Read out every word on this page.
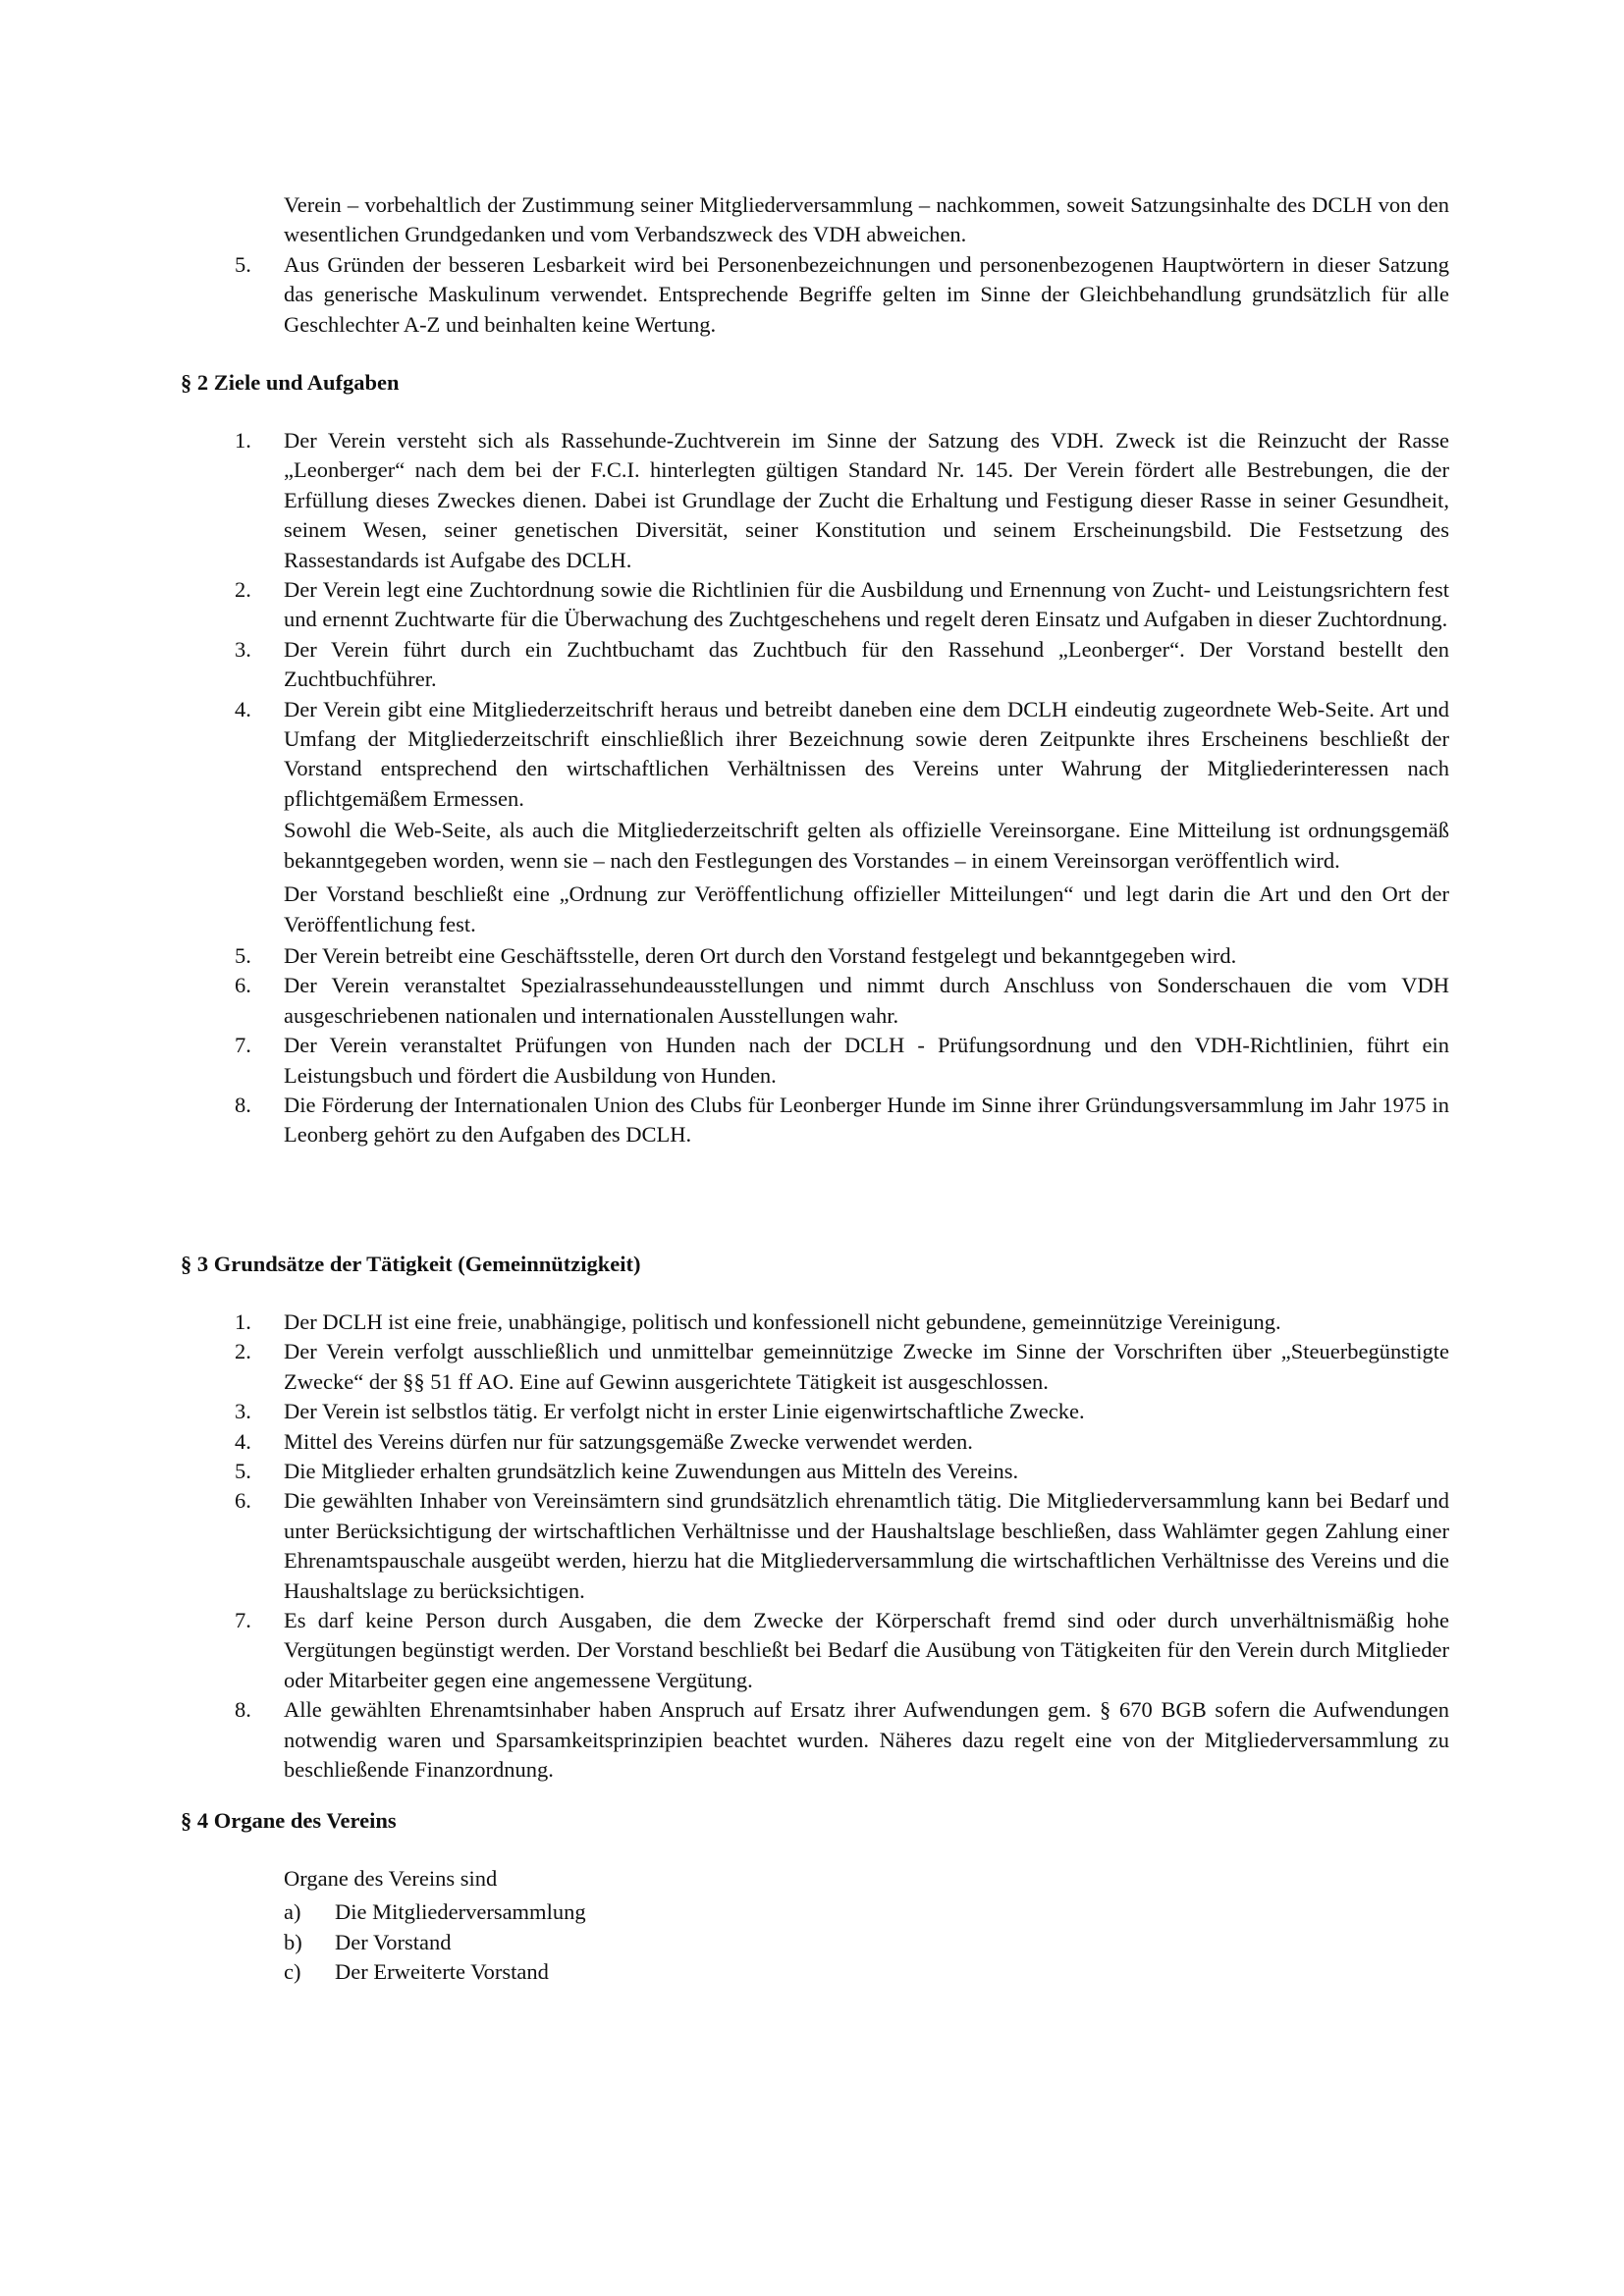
Verein – vorbehaltlich der Zustimmung seiner Mitgliederversammlung – nachkommen, soweit Satzungsinhalte des DCLH von den wesentlichen Grundgedanken und vom Verbandszweck des VDH abweichen.
5.	Aus Gründen der besseren Lesbarkeit wird bei Personenbezeichnungen und personenbezogenen Hauptwörtern in dieser Satzung das generische Maskulinum verwendet. Entsprechende Begriffe gelten im Sinne der Gleichbehandlung grundsätzlich für alle Geschlechter A-Z und beinhalten keine Wertung.
§ 2 Ziele und Aufgaben
1.	Der Verein versteht sich als Rassehunde-Zuchtverein im Sinne der Satzung des VDH. Zweck ist die Reinzucht der Rasse „Leonberger“ nach dem bei der F.C.I. hinterlegten gültigen Standard Nr. 145. Der Verein fördert alle Bestrebungen, die der Erfüllung dieses Zweckes dienen. Dabei ist Grundlage der Zucht die Erhaltung und Festigung dieser Rasse in seiner Gesundheit, seinem Wesen, seiner genetischen Diversität, seiner Konstitution und seinem Erscheinungsbild. Die Festsetzung des Rassestandards ist Aufgabe des DCLH.
2.	Der Verein legt eine Zuchtordnung sowie die Richtlinien für die Ausbildung und Ernennung von Zucht- und Leistungsrichtern fest und ernennt Zuchtwarte für die Überwachung des Zuchtgeschehens und regelt deren Einsatz und Aufgaben in dieser Zuchtordnung.
3.	Der Verein führt durch ein Zuchtbuchamt das Zuchtbuch für den Rassehund „Leonberger“. Der Vorstand bestellt den Zuchtbuchführer.
4.	Der Verein gibt eine Mitgliederzeitschrift heraus und betreibt daneben eine dem DCLH eindeutig zugeordnete Web-Seite. Art und Umfang der Mitgliederzeitschrift einschließlich ihrer Bezeichnung sowie deren Zeitpunkte ihres Erscheinens beschließt der Vorstand entsprechend den wirtschaftlichen Verhältnissen des Vereins unter Wahrung der Mitgliederinteressen nach pflichtgemäßem Ermessen.
Sowohl die Web-Seite, als auch die Mitgliederzeitschrift gelten als offizielle Vereinsorgane. Eine Mitteilung ist ordnungsgemäß bekanntgegeben worden, wenn sie – nach den Festlegungen des Vorstandes – in einem Vereinsorgan veröffentlich wird.
Der Vorstand beschließt eine „Ordnung zur Veröffentlichung offizieller Mitteilungen“ und legt darin die Art und den Ort der Veröffentlichung fest.
5.	Der Verein betreibt eine Geschäftsstelle, deren Ort durch den Vorstand festgelegt und bekanntgegeben wird.
6.	Der Verein veranstaltet Spezialrassehundeausstellungen und nimmt durch Anschluss von Sonderschauen die vom VDH ausgeschriebenen nationalen und internationalen Ausstellungen wahr.
7.	Der Verein veranstaltet Prüfungen von Hunden nach der DCLH - Prüfungsordnung und den VDH-Richtlinien, führt ein Leistungsbuch und fördert die Ausbildung von Hunden.
8.	Die Förderung der Internationalen Union des Clubs für Leonberger Hunde im Sinne ihrer Gründungsversammlung im Jahr 1975 in Leonberg gehört zu den Aufgaben des DCLH.
§ 3 Grundsätze der Tätigkeit (Gemeinnützigkeit)
1.	Der DCLH ist eine freie, unabhängige, politisch und konfessionell nicht gebundene, gemeinnützige Vereinigung.
2.	Der Verein verfolgt ausschließlich und unmittelbar gemeinnützige Zwecke im Sinne der Vorschriften über „Steuerbegünstigte Zwecke“ der §§ 51 ff AO. Eine auf Gewinn ausgerichtete Tätigkeit ist ausgeschlossen.
3.	Der Verein ist selbstlos tätig. Er verfolgt nicht in erster Linie eigenwirtschaftliche Zwecke.
4.	Mittel des Vereins dürfen nur für satzungsgemäße Zwecke verwendet werden.
5.	Die Mitglieder erhalten grundsätzlich keine Zuwendungen aus Mitteln des Vereins.
6.	Die gewählten Inhaber von Vereinsämtern sind grundsätzlich ehrenamtlich tätig. Die Mitgliederversammlung kann bei Bedarf und unter Berücksichtigung der wirtschaftlichen Verhältnisse und der Haushaltslage beschließen, dass Wahlämter gegen Zahlung einer Ehrenamtspauschale ausgeübt werden, hierzu hat die Mitgliederversammlung die wirtschaftlichen Verhältnisse des Vereins und die Haushaltslage zu berücksichtigen.
7.	Es darf keine Person durch Ausgaben, die dem Zwecke der Körperschaft fremd sind oder durch unverhältnismäßig hohe Vergütungen begünstigt werden. Der Vorstand beschließt bei Bedarf die Ausübung von Tätigkeiten für den Verein durch Mitglieder oder Mitarbeiter gegen eine angemessene Vergütung.
8.	Alle gewählten Ehrenamtsinhaber haben Anspruch auf Ersatz ihrer Aufwendungen gem. § 670 BGB sofern die Aufwendungen notwendig waren und Sparsamkeitsprinzipien beachtet wurden. Näheres dazu regelt eine von der Mitgliederversammlung zu beschließende Finanzordnung.
§ 4 Organe des Vereins
Organe des Vereins sind
a) Die Mitgliederversammlung
b) Der Vorstand
c) Der Erweiterte Vorstand
